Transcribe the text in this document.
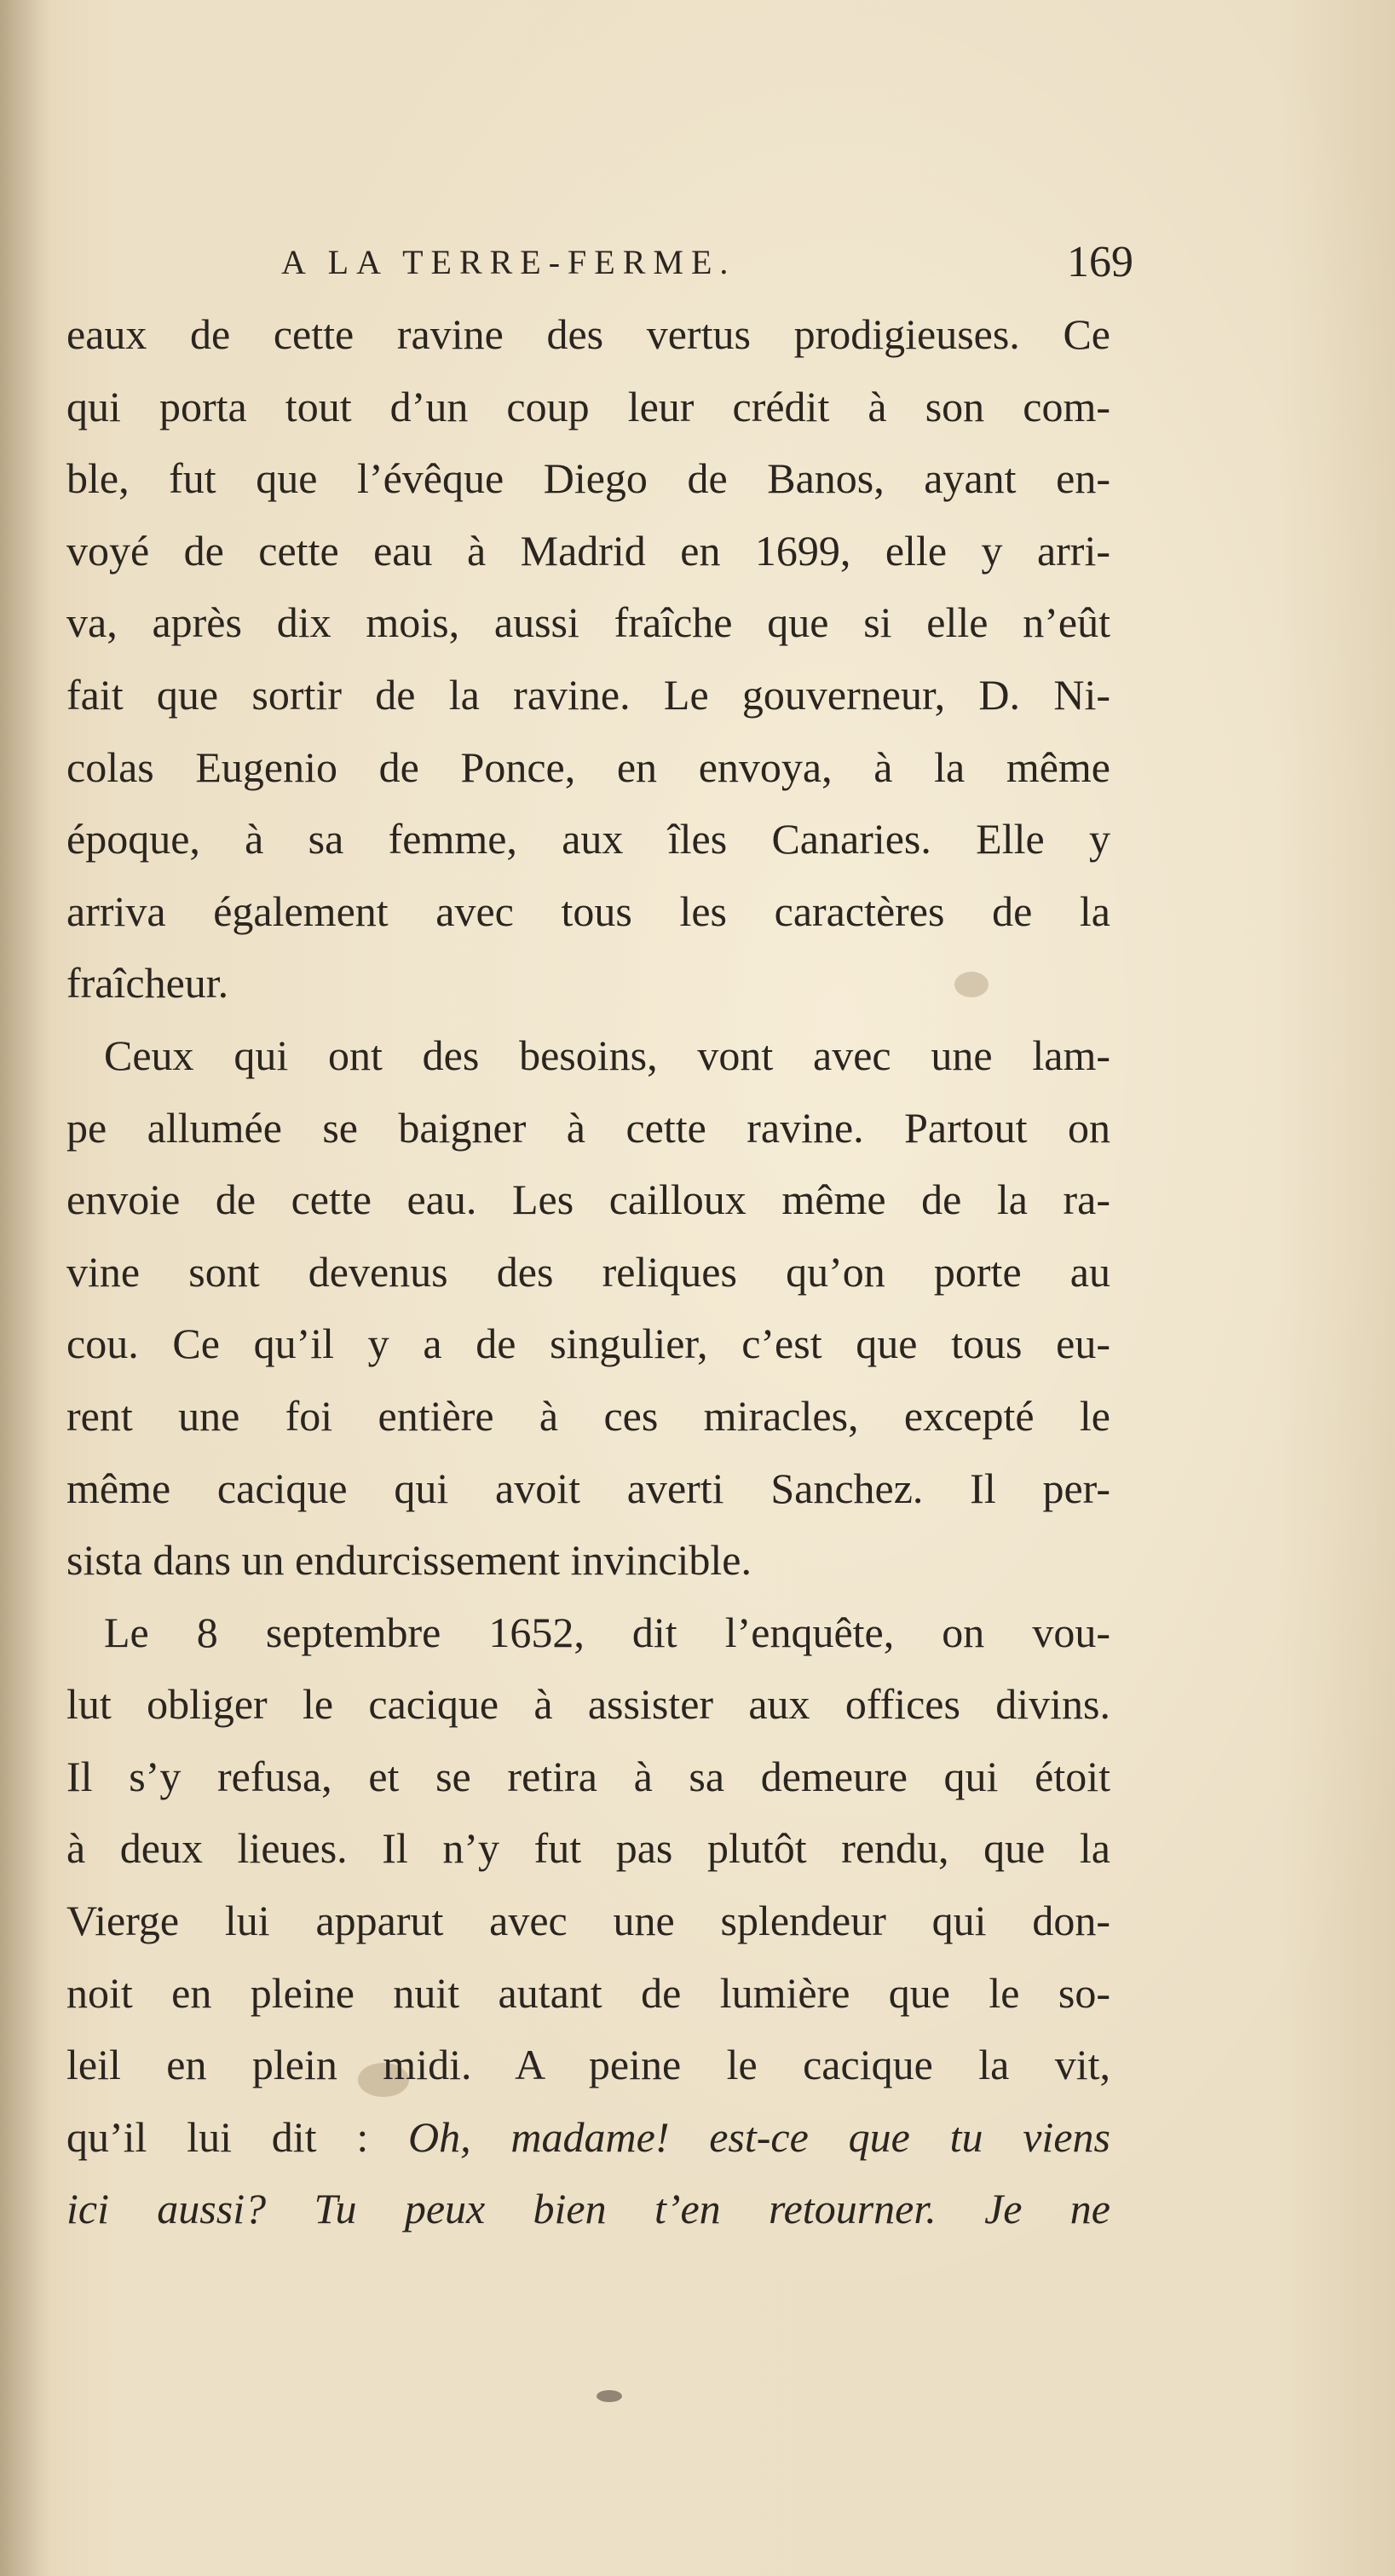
A LA TERRE-FERME.	169
eaux de cette ravine des vertus prodigieuses. Ce
qui porta tout d’un coup leur crédit à son com-
ble, fut que l’évêque Diego de Banos, ayant en-
voyé de cette eau à Madrid en 1699, elle y arri-
va, après dix mois, aussi fraîche que si elle n’eût
fait que sortir de la ravine. Le gouverneur, D. Ni-
colas Eugenio de Ponce, en envoya, à la même
époque, à sa femme, aux îles Canaries. Elle y
arriva également avec tous les caractères de la
fraîcheur.
Ceux qui ont des besoins, vont avec une lam-
pe allumée se baigner à cette ravine. Partout on
envoie de cette eau. Les cailloux même de la ra-
vine sont devenus des reliques qu’on porte au
cou. Ce qu’il y a de singulier, c’est que tous eu-
rent une foi entière à ces miracles, excepté le
même cacique qui avoit averti Sanchez. Il per-
sista dans un endurcissement invincible.
Le 8 septembre 1652, dit l’enquête, on vou-
lut obliger le cacique à assister aux offices divins.
Il s’y refusa, et se retira à sa demeure qui étoit
à deux lieues. Il n’y fut pas plutôt rendu, que la
Vierge lui apparut avec une splendeur qui don-
noit en pleine nuit autant de lumière que le so-
leil en plein midi. A peine le cacique la vit,
qu’il lui dit : Oh, madame! est-ce que tu viens
ici aussi? Tu peux bien t’en retourner. Je ne
